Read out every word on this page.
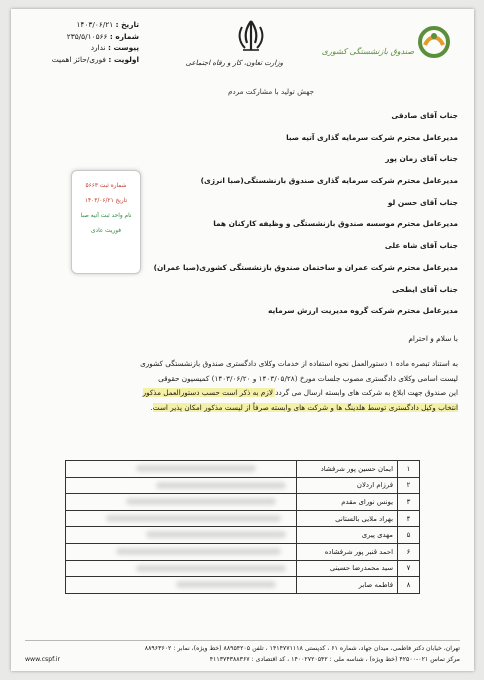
تاریخ : ۱۴۰۳/۰۶/۲۱
شماره : ۲۳۵/۵/۱۰۵۶۶
پیوست : ندارد
اولویت : فوری/حائز اهمیت	وزارت تعاون، کار و رفاه اجتماعی
صندوق بازنشستگی کشوری
جهش تولید با مشارکت مردم
جناب آقای صادقی
مدیرعامل محترم شرکت سرمایه گذاری آتیه صبا
جناب آقای زمان پور
مدیرعامل محترم شرکت سرمایه گذاری صندوق بازنشستگی(صبا انرژی)
جناب آقای حسن لو
مدیرعامل محترم موسسه صندوق بازنشستگی و وظیفه کارکنان هما
جناب آقای شاه علی
مدیرعامل محترم شرکت عمران و ساختمان صندوق بازنشستگی کشوری(صبا عمران)
جناب آقای ایطحی
مدیرعامل محترم شرکت گروه مدیریت ارزش سرمایه
شماره ثبت ۵۶۶۳
تاریخ ۱۴۰۳/۰۶/۲۱
نام واحد ثبت آتیه صبا
فوریت عادی
با سلام و احترام
به استناد تبصره ماده ۱ دستورالعمل نحوه استفاده از خدمات وکلای دادگستری صندوق بازنشستگی کشوری
لیست اسامی وکلای دادگستری مصوب جلسات مورخ (۱۴۰۳/۰۵/۲۸ و ۱۴۰۳/۰۶/۲۰) کمیسیون حقوقی
این صندوق جهت ابلاغ به شرکت های وابسته ارسال می گردد لازم به ذکر است حسب دستورالعمل مذکور
انتخاب وکیل دادگستری توسط هلدینگ ها و شرکت های وابسته صرفاً از لیست مذکور امکان پذیر است.
۱	ایمان حسین پور شرفشاد	

۲	فرزام اردلان	

۳	یونس نورای مقدم	

۴	بهراد ملایی بالستانی	

۵	مهدی پیری	

۶	احمد قنبر پور شرفشاده	

۷	سید محمدرضا حسینی	

۸	فاطمه صابر	
تهران، خیابان دکتر فاطمی، میدان جهاد، شماره ۶۱ ، کدپستی ۱۴۱۴۷۷۱۱۱۸ ، تلفن ۸۸۹۵۴۲۰۵ (خط ویژه)، نمابر : ۸۸۹۶۳۶۰۲
مرکز تماس ۰۲۱-۴۲۵۰۰ (خط ویژه) ، شناسه ملی : ۱۴۰۰۲۷۲۰۵۴۲ ، کد اقتصادی : ۴۱۱۳۷۴۳۸۸۳۶۷
www.cspf.ir
